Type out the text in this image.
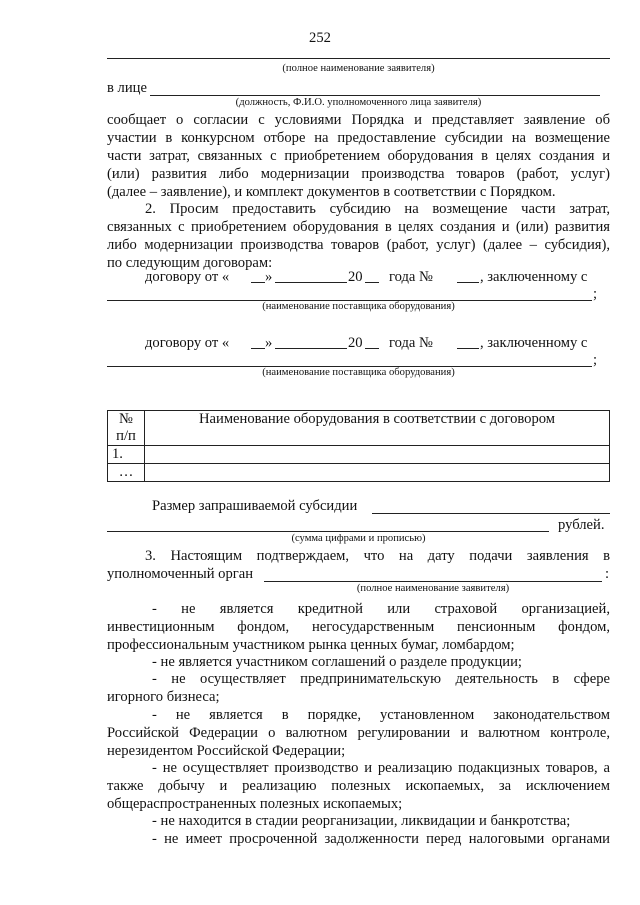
252
(полное наименование заявителя)
в лице
(должность, Ф.И.О. уполномоченного лица заявителя)
сообщает о согласии с условиями Порядка и представляет заявление об
участии в конкурсном отборе на предоставление субсидии на возмещение
части затрат, связанных с приобретением оборудования в целях создания и
(или) развития либо модернизации производства товаров (работ, услуг)
(далее – заявление), и комплект документов в соответствии с Порядком.
2. Просим предоставить субсидию на возмещение части затрат,
связанных с приобретением оборудования в целях создания и (или) развития
либо модернизации производства товаров (работ, услуг) (далее – субсидия),
по следующим договорам:
договору от « »	20 года №	, заключенному с
;
(наименование поставщика оборудования)
договору от « »	20 года №	, заключенному с
;
(наименование поставщика оборудования)
№ п/п	Наименование оборудования в соответствии с договором
1.	
…	
Размер запрашиваемой субсидии
рублей.
(сумма цифрами и прописью)
3. Настоящим подтверждаем, что на дату подачи заявления в
уполномоченный орган	:
(полное наименование заявителя)
- не является кредитной или страховой организацией,
инвестиционным фондом, негосударственным пенсионным фондом,
профессиональным участником рынка ценных бумаг, ломбардом;
- не является участником соглашений о разделе продукции;
- не осуществляет предпринимательскую деятельность в сфере
игорного бизнеса;
- не является в порядке, установленном законодательством
Российской Федерации о валютном регулировании и валютном контроле,
нерезидентом Российской Федерации;
- не осуществляет производство и реализацию подакцизных товаров, а
также добычу и реализацию полезных ископаемых, за исключением
общераспространенных полезных ископаемых;
- не находится в стадии реорганизации, ликвидации и банкротства;
- не имеет просроченной задолженности перед налоговыми органами
